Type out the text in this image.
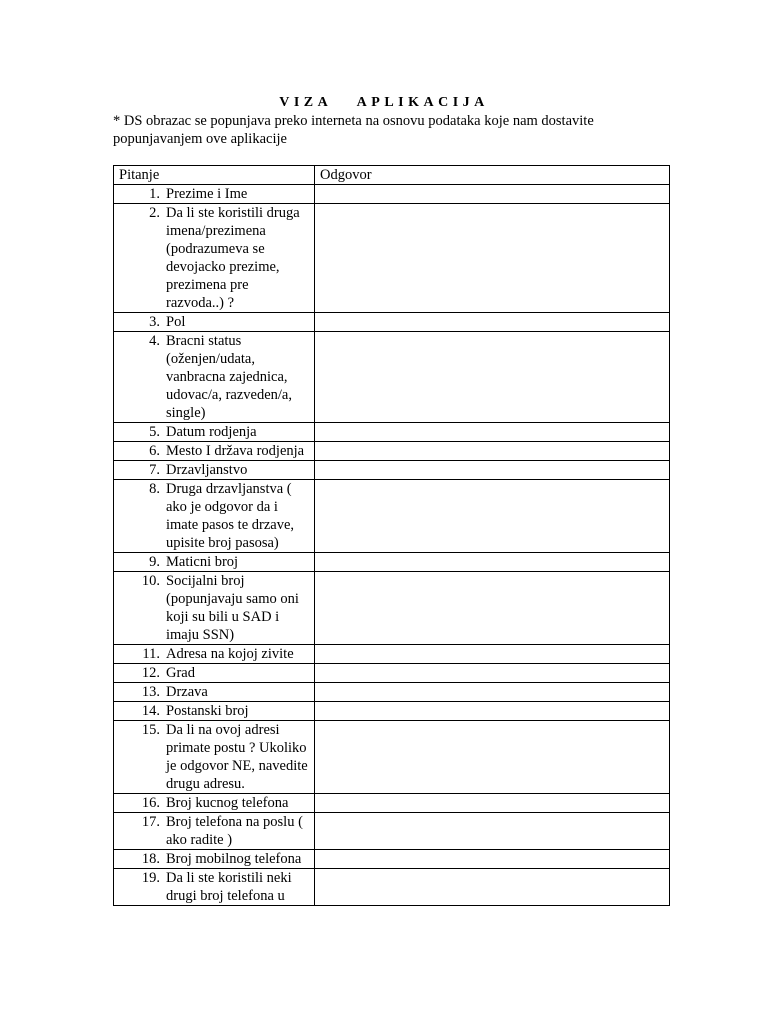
VIZA APLIKACIJA
* DS obrazac se popunjava preko interneta na osnovu podataka koje nam dostavite popunjavanjem ove aplikacije
Pitanje	Odgovor

1. Prezime i Ime	

2. Da li ste koristili druga imena/prezimena (podrazumeva se devojacko prezime, prezimena pre razvoda..) ?	

3. Pol	

4. Bracni status (oženjen/udata, vanbracna zajednica, udovac/a, razveden/a, single)	

5. Datum rodjenja	

6. Mesto I država rodjenja	

7. Drzavljanstvo	

8. Druga drzavljanstva ( ako je odgovor da i imate pasos te drzave, upisite broj pasosa)	

9. Maticni broj	

10. Socijalni broj (popunjavaju samo oni koji su bili u SAD i imaju SSN)	

11. Adresa na kojoj zivite	

12. Grad	

13. Drzava	

14. Postanski broj	

15. Da li na ovoj adresi primate postu ? Ukoliko je odgovor NE, navedite drugu adresu.	

16. Broj kucnog telefona	

17. Broj telefona na poslu ( ako radite )	

18. Broj mobilnog telefona	

19. Da li ste koristili neki drugi broj telefona u	
